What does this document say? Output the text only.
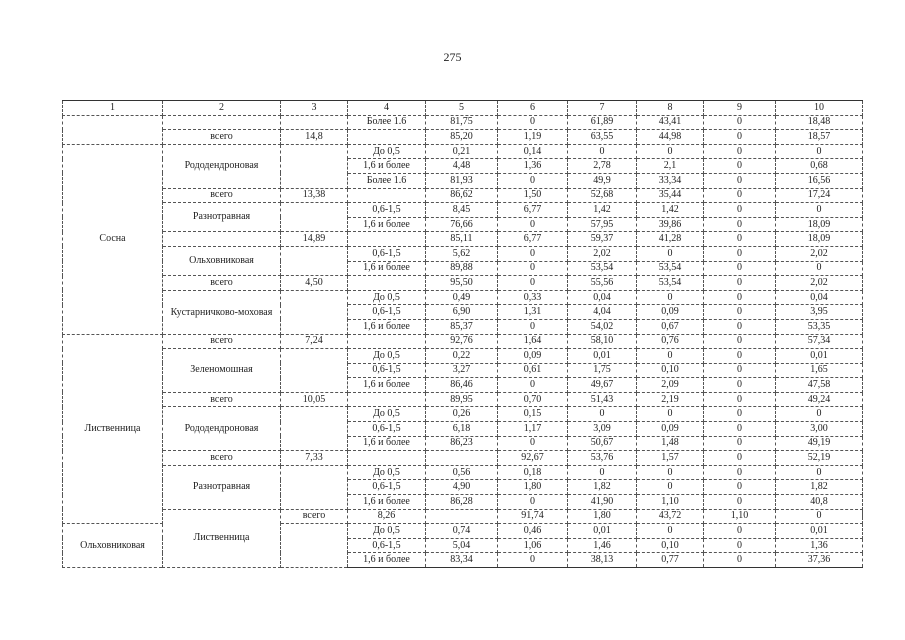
275
1	2	3	4	5	6	7	8	9	10	
			Более 1.6	81,75	0	61,89	43,41	0	18,48	
	всего	14,8		85,20	1,19	63,55	44,98	0	18,57	
Сосна	Рододендроновая		До 0,5	0,21	0,14	0	0	0	0	
			1,6 и более	4,48	1,36	2,78	2,1	0	0,68	
			Более 1.6	81,93	0	49,9	33,34	0	16,56	
	всего	13,38		86,62	1,50	52,68	35,44	0	17,24	
	Разнотравная		0,6-1,5	8,45	6,77	1,42	1,42	0	0	
			1,6 и более	76,66	0	57,95	39,86	0	18,09	
		14,89		85,11	6,77	59,37	41,28	0	18,09	
	Ольховниковая		0,6-1,5	5,62	0	2,02	0	0	2,02	
			1,6 и более	89,88	0	53,54	53,54	0	0	
	всего	4,50		95,50	0	55,56	53,54	0	2,02	
	Кустарничково-моховая		До 0,5	0,49	0,33	0,04	0	0	0,04	
			0,6-1,5	6,90	1,31	4,04	0,09	0	3,95	
			1,6 и более	85,37	0	54,02	0,67	0	53,35	
Лиственница	всего	7,24		92,76	1,64	58,10	0,76	0	57,34	
	Зеленомошная		До 0,5	0,22	0,09	0,01	0	0	0,01	
			0,6-1,5	3,27	0,61	1,75	0,10	0	1,65	
			1,6 и более	86,46	0	49,67	2,09	0	47,58	
	всего	10,05		89,95	0,70	51,43	2,19	0	49,24	
	Рододендроновая		До 0,5	0,26	0,15	0	0	0	0	
			0,6-1,5	6,18	1,17	3,09	0,09	0	3,00	
			1,6 и более	86,23	0	50,67	1,48	0	49,19	
	всего	7,33			92,67	53,76	1,57	0	52,19	
	Разнотравная		До 0,5	0,56	0,18	0	0	0	0	
			0,6-1,5	4,90	1,80	1,82	0	0	1,82	
			1,6 и более	86,28	0	41,90	1,10	0	40,8	
	Лиственница	всего	8,26		91,74	1,80	43,72	1,10	0	
Ольховниковая			До 0,5	0,74	0,46	0,01	0	0	0,01	
			0,6-1,5	5,04	1,06	1,46	0,10	0	1,36	
			1,6 и более	83,34	0	38,13	0,77	0	37,36	
